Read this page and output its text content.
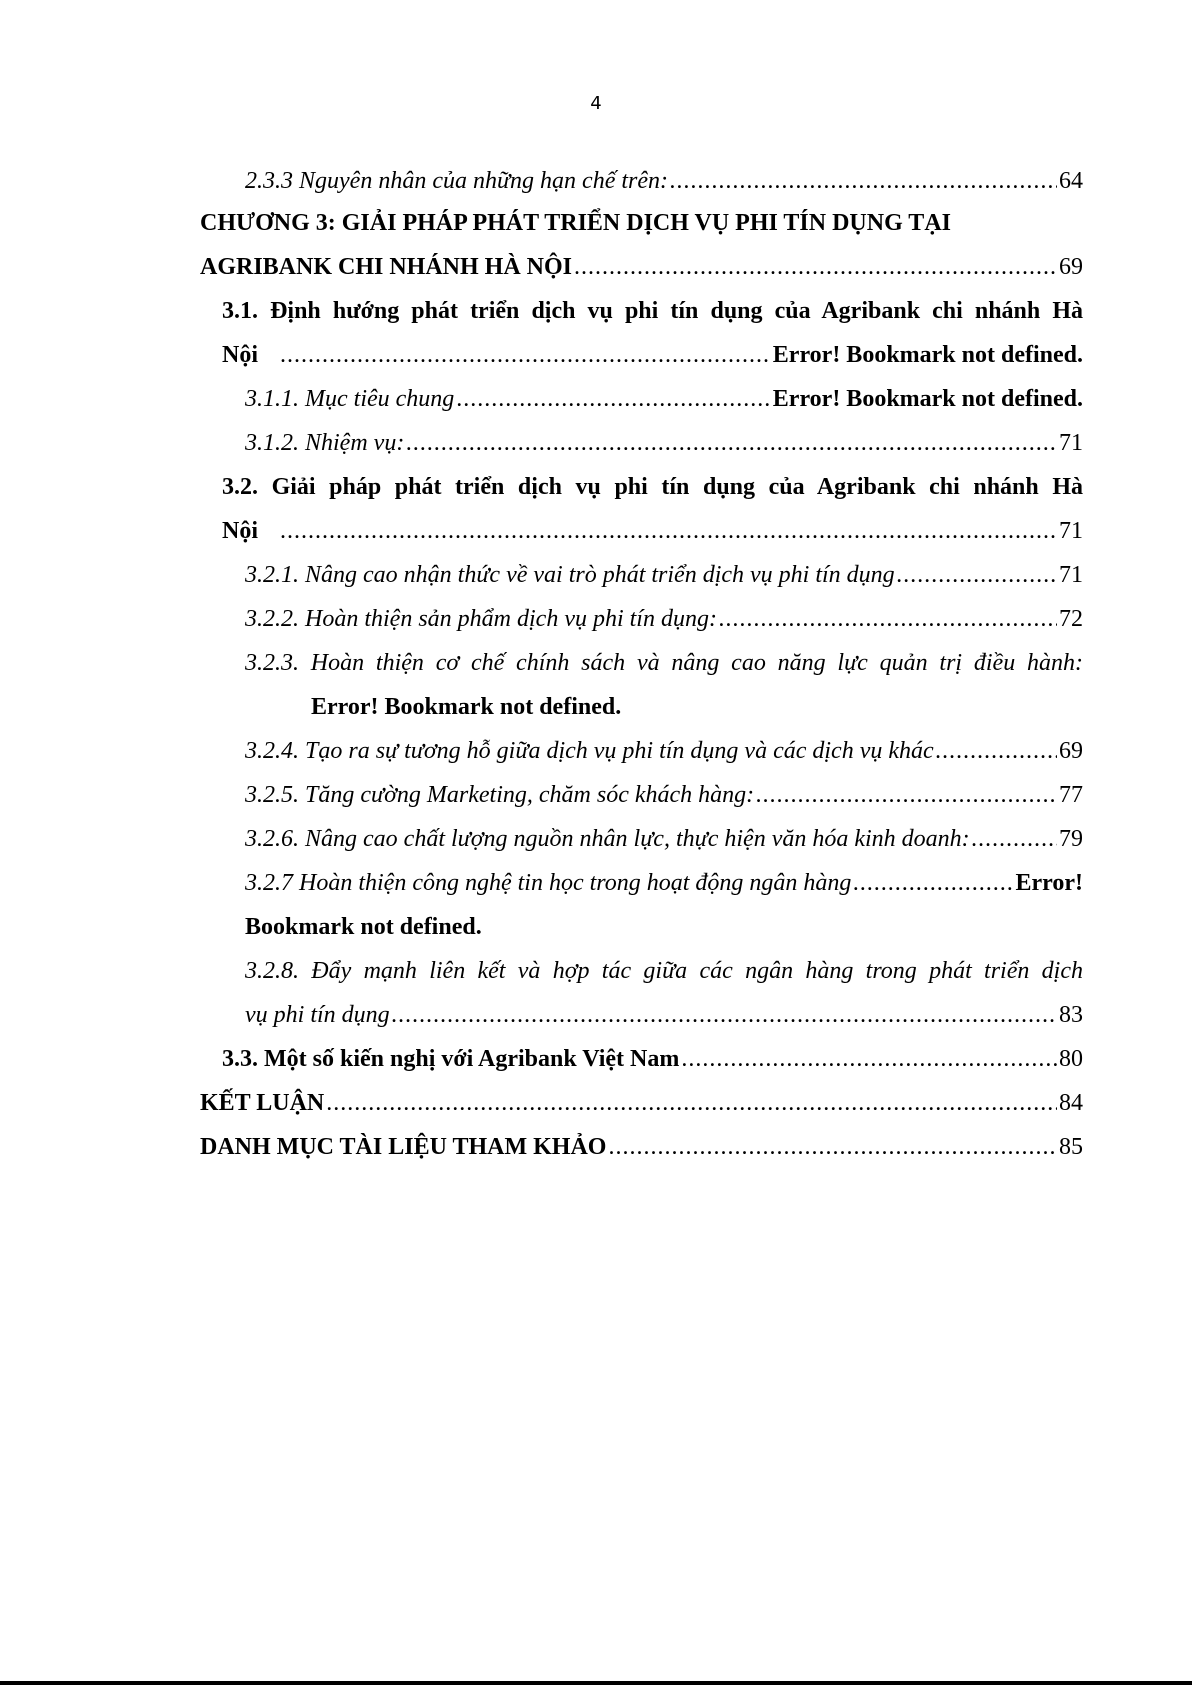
4
2.3.3 Nguyên nhân của những hạn chế trên: .....	64
CHƯƠNG 3: GIẢI PHÁP PHÁT TRIỂN DỊCH VỤ PHI TÍN DỤNG TẠI
AGRIBANK CHI NHÁNH HÀ NỘI .....	69
3.1. Định hướng phát triển dịch vụ phi tín dụng của Agribank chi nhánh Hà
Nội .....	Error! Bookmark not defined.
3.1.1. Mục tiêu chung .....	Error! Bookmark not defined.
3.1.2. Nhiệm vụ: .....	71
3.2. Giải pháp phát triển dịch vụ phi tín dụng của Agribank chi nhánh Hà
Nội .....	71
3.2.1. Nâng cao nhận thức về vai trò phát triển dịch vụ phi tín dụng .....	71
3.2.2. Hoàn thiện sản phẩm dịch vụ phi tín dụng: .....	72
3.2.3. Hoàn thiện cơ chế chính sách và nâng cao năng lực quản trị điều hành:
Error! Bookmark not defined.
3.2.4. Tạo ra sự tương hỗ giữa dịch vụ phi tín dụng và các dịch vụ khác .....	69
3.2.5. Tăng cường Marketing, chăm sóc khách hàng: .....	77
3.2.6. Nâng cao chất lượng nguồn nhân lực, thực hiện văn hóa kinh doanh: .....	79
3.2.7 Hoàn thiện công nghệ tin học trong hoạt động ngân hàng .....	Error!
Bookmark not defined.
3.2.8. Đẩy mạnh liên kết và hợp tác giữa các ngân hàng trong phát triển dịch
vụ phi tín dụng .....	83
3.3. Một số kiến nghị với Agribank Việt Nam .....	80
KẾT LUẬN .....	84
DANH MỤC TÀI LIỆU THAM KHẢO .....	85
